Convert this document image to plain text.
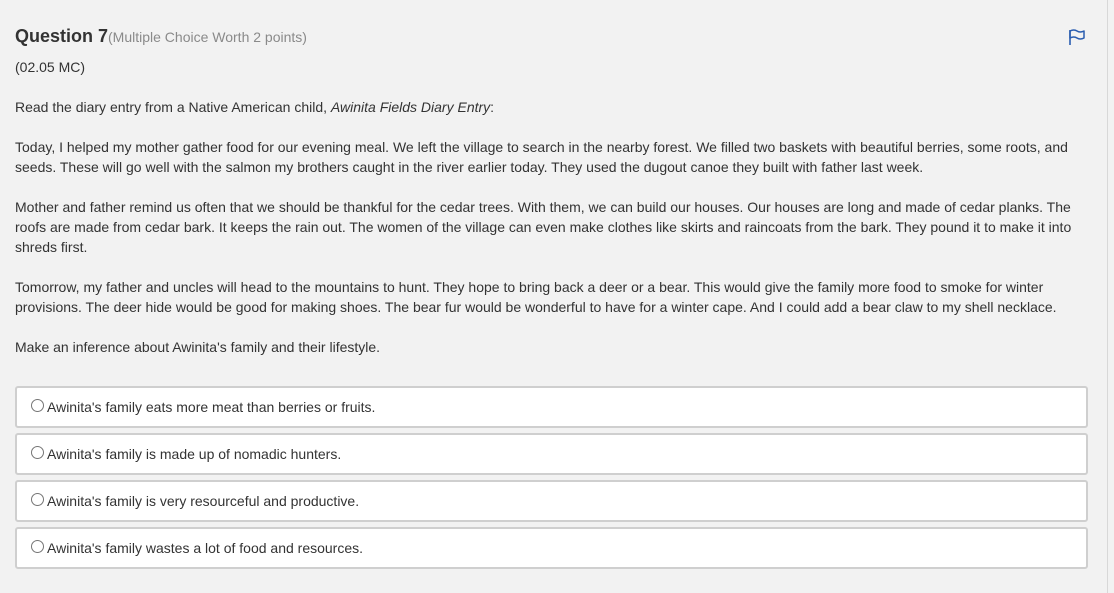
Question 7(Multiple Choice Worth 2 points)

(02.05 MC)

Read the diary entry from a Native American child, Awinita Fields Diary Entry:

Today, I helped my mother gather food for our evening meal. We left the village to search in the nearby forest. We filled two baskets with beautiful berries, some roots, and seeds. These will go well with the salmon my brothers caught in the river earlier today. They used the dugout canoe they built with father last week.

Mother and father remind us often that we should be thankful for the cedar trees. With them, we can build our houses. Our houses are long and made of cedar planks. The roofs are made from cedar bark. It keeps the rain out. The women of the village can even make clothes like skirts and raincoats from the bark. They pound it to make it into shreds first.

Tomorrow, my father and uncles will head to the mountains to hunt. They hope to bring back a deer or a bear. This would give the family more food to smoke for winter provisions. The deer hide would be good for making shoes. The bear fur would be wonderful to have for a winter cape. And I could add a bear claw to my shell necklace.

Make an inference about Awinita's family and their lifestyle.

Awinita's family eats more meat than berries or fruits.
Awinita's family is made up of nomadic hunters.
Awinita's family is very resourceful and productive.
Awinita's family wastes a lot of food and resources.
